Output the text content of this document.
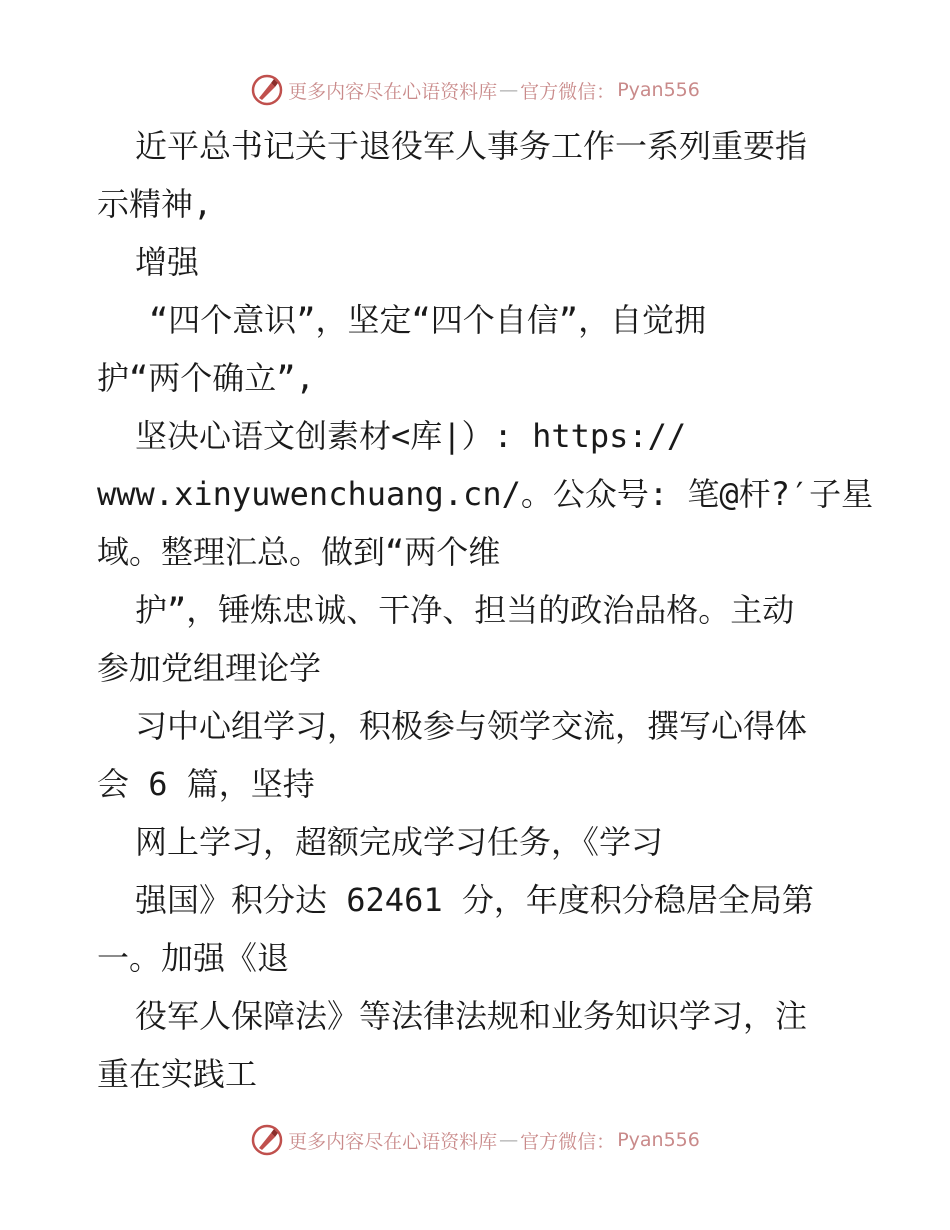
更多内容尽在心语资料库 — 官方微信： Pyan556
近平总书记关于退役军人事务工作一系列重要指
示精神,
增强
“四个意识”，坚定“四个自信”，自觉拥
护“两个确立”,
坚决心语文创素材<库|）: https://
www.xinyuwenchuang.cn/。公众号: 笔@杆?′子星
域。整理汇总。做到“两个维
护”，锤炼忠诚、干净、担当的政治品格。主动
参加党组理论学
习中心组学习，积极参与领学交流，撰写心得体
会 6 篇，坚持
网上学习，超额完成学习任务，《学习
强国》积分达 62461 分，年度积分稳居全局第
一。加强《退
役军人保障法》等法律法规和业务知识学习，注
重在实践工
更多内容尽在心语资料库 — 官方微信： Pyan556
